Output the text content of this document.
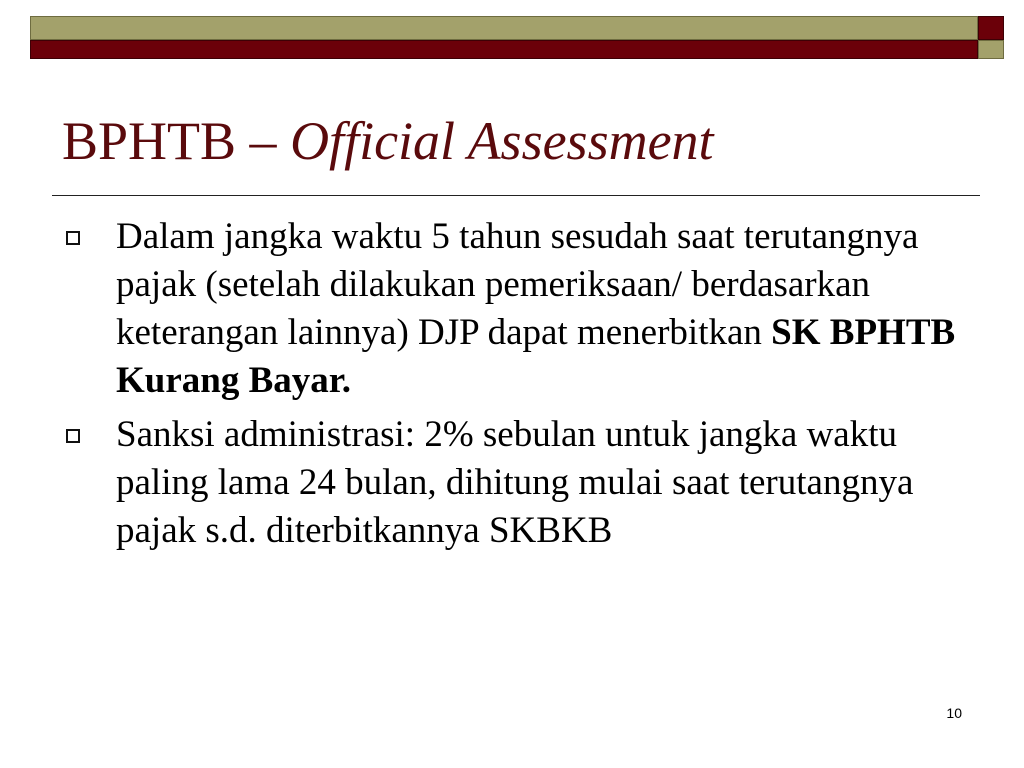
BPHTB – Official Assessment
Dalam jangka waktu 5 tahun sesudah saat terutangnya pajak (setelah dilakukan pemeriksaan/ berdasarkan keterangan lainnya) DJP dapat menerbitkan SK BPHTB Kurang Bayar.
Sanksi administrasi: 2% sebulan untuk jangka waktu paling lama 24 bulan, dihitung mulai saat terutangnya pajak s.d. diterbitkannya SKBKB
10
